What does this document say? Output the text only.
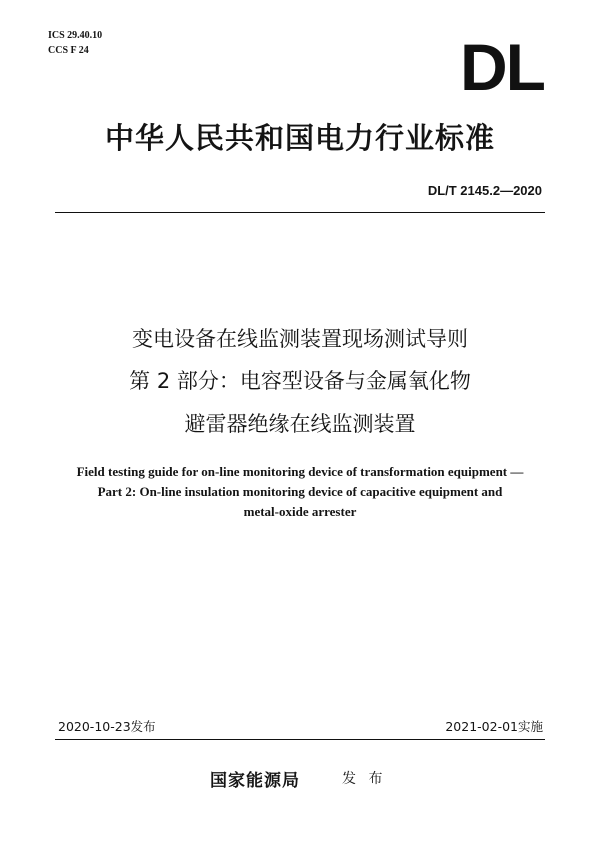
ICS 29.40.10
CCS F 24	DL
中华人民共和国电力行业标准
DL/T 2145.2—2020
变电设备在线监测装置现场测试导则
第 2 部分：电容型设备与金属氧化物
避雷器绝缘在线监测装置
Field testing guide for on-line monitoring device of transformation equipment —
Part 2: On-line insulation monitoring device of capacitive equipment and
metal-oxide arrester
2020-10-23发布	2021-02-01实施
国家能源局	发 布
